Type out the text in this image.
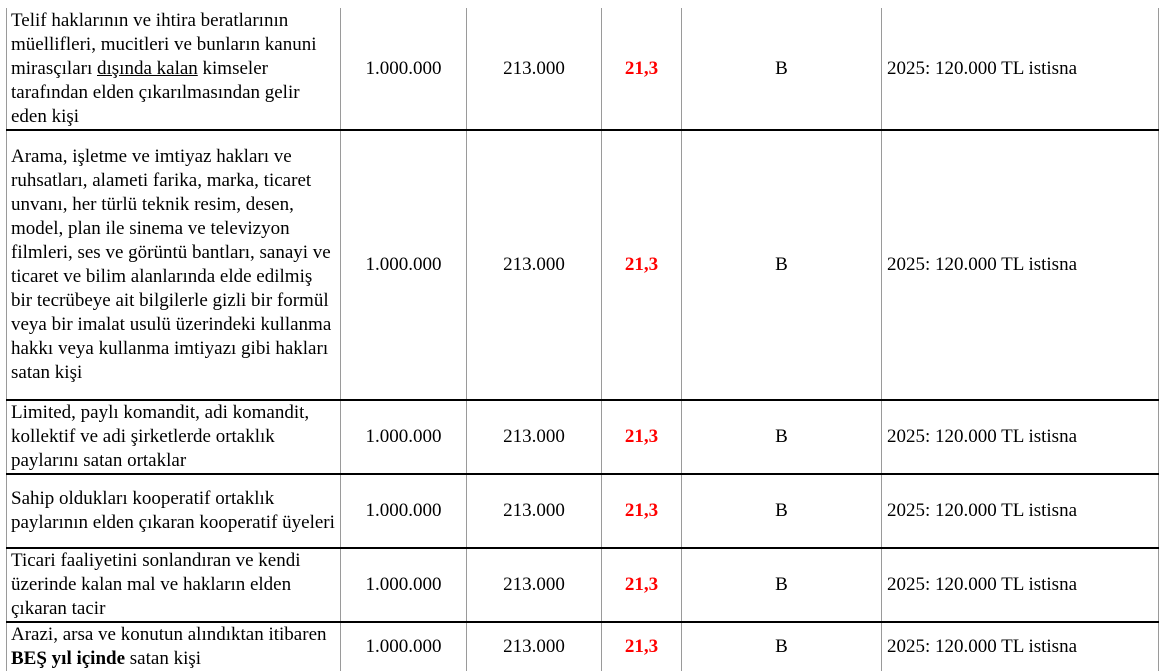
Telif haklarının ve ihtira beratlarının müellifleri, mucitleri ve bunların kanuni mirasçıları dışında kalan kimseler tarafından elden çıkarılmasından gelir eden kişi	1.000.000	213.000	21,3	B	2025: 120.000 TL istisna
Arama, işletme ve imtiyaz hakları ve ruhsatları, alameti farika, marka, ticaret unvanı, her türlü teknik resim, desen, model, plan ile sinema ve televizyon filmleri, ses ve görüntü bantları, sanayi ve ticaret ve bilim alanlarında elde edilmiş bir tecrübeye ait bilgilerle gizli bir formül veya bir imalat usulü üzerindeki kullanma hakkı veya kullanma imtiyazı gibi hakları satan kişi	1.000.000	213.000	21,3	B	2025: 120.000 TL istisna
Limited, paylı komandit, adi komandit, kollektif ve adi şirketlerde ortaklık paylarını satan ortaklar	1.000.000	213.000	21,3	B	2025: 120.000 TL istisna
Sahip oldukları kooperatif ortaklık paylarının elden çıkaran kooperatif üyeleri	1.000.000	213.000	21,3	B	2025: 120.000 TL istisna
Ticari faaliyetini sonlandıran ve kendi üzerinde kalan mal ve hakların elden çıkaran tacir	1.000.000	213.000	21,3	B	2025: 120.000 TL istisna
Arazi, arsa ve konutun alındıktan itibaren BEŞ yıl içinde satan kişi	1.000.000	213.000	21,3	B	2025: 120.000 TL istisna
